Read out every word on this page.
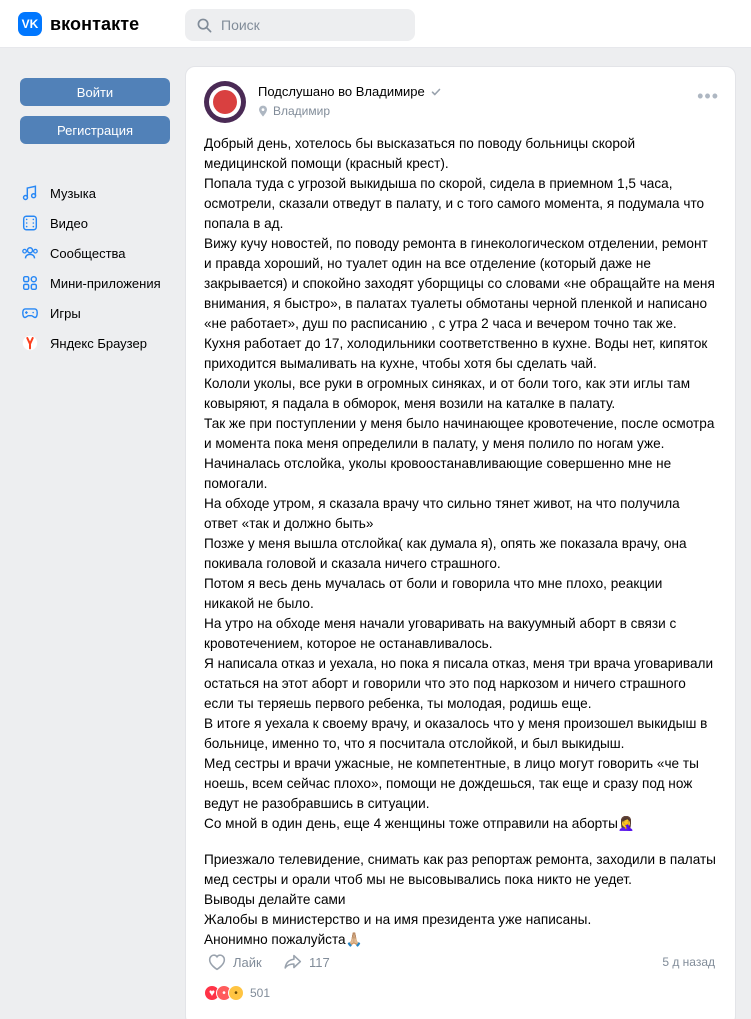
VK вконтакте	Поиск
Войти
Регистрация
Музыка
Видео
Сообщества
Мини-приложения
Игры
Яндекс Браузер
Подслушано во Владимире
Владимир
•••

Добрый день, хотелось бы высказаться по поводу больницы скорой медицинской помощи (красный крест).

Попала туда с угрозой выкидыша по скорой, сидела в приемном 1,5 часа, осмотрели, сказали отведут в палату, и с того самого момента, я подумала что попала в ад.

Вижу кучу новостей, по поводу ремонта в гинекологическом отделении, ремонт и правда хороший, но туалет один на все отделение (который даже не закрывается) и спокойно заходят уборщицы со словами «не обращайте на меня внимания, я быстро», в палатах туалеты обмотаны черной пленкой и написано «не работает», душ по расписанию , с утра 2 часа и вечером точно так же. Кухня работает до 17, холодильники соответственно в кухне. Воды нет, кипяток приходится вымаливать на кухне, чтобы хотя бы сделать чай.

Кололи уколы, все руки в огромных синяках, и от боли того, как эти иглы там ковыряют, я падала в обморок, меня возили на каталке в палату.

Так же при поступлении у меня было начинающее кровотечение, после осмотра и момента пока меня определили в палату, у меня полило по ногам уже. Начиналась отслойка, уколы кровоостанавливающие совершенно мне не помогали.

На обходе утром, я сказала врачу что сильно тянет живот, на что получила ответ «так и должно быть»

Позже у меня вышла отслойка( как думала я), опять же показала врачу, она покивала головой и сказала ничего страшного.

Потом я весь день мучалась от боли и говорила что мне плохо, реакции никакой не было.

На утро на обходе меня начали уговаривать на вакуумный аборт в связи с кровотечением, которое не останавливалось.

Я написала отказ и уехала, но пока я писала отказ, меня три врача уговаривали остаться на этот аборт и говорили что это под наркозом и ничего страшного если ты теряешь первого ребенка, ты молодая, родишь еще.

В итоге я уехала к своему врачу, и оказалось что у меня произошел выкидыш в больнице, именно то, что я посчитала отслойкой, и был выкидыш.

Мед сестры и врачи ужасные, не компетентные, в лицо могут говорить «че ты ноешь, всем сейчас плохо», помощи не дождешься, так еще и сразу под нож ведут не разобравшись в ситуации.

Со мной в один день, еще 4 женщины тоже отправили на аборты🤦‍♀️

Приезжало телевидение, снимать как раз репортаж ремонта, заходили в палаты мед сестры и орали чтоб мы не высовывались пока никто не уедет.

Выводы делайте сами

Жалобы в министерство и на имя президента уже написаны.

Анонимно пожалуйста🙏🏼

Лайк	117	5 д назад
♥ • •	501
